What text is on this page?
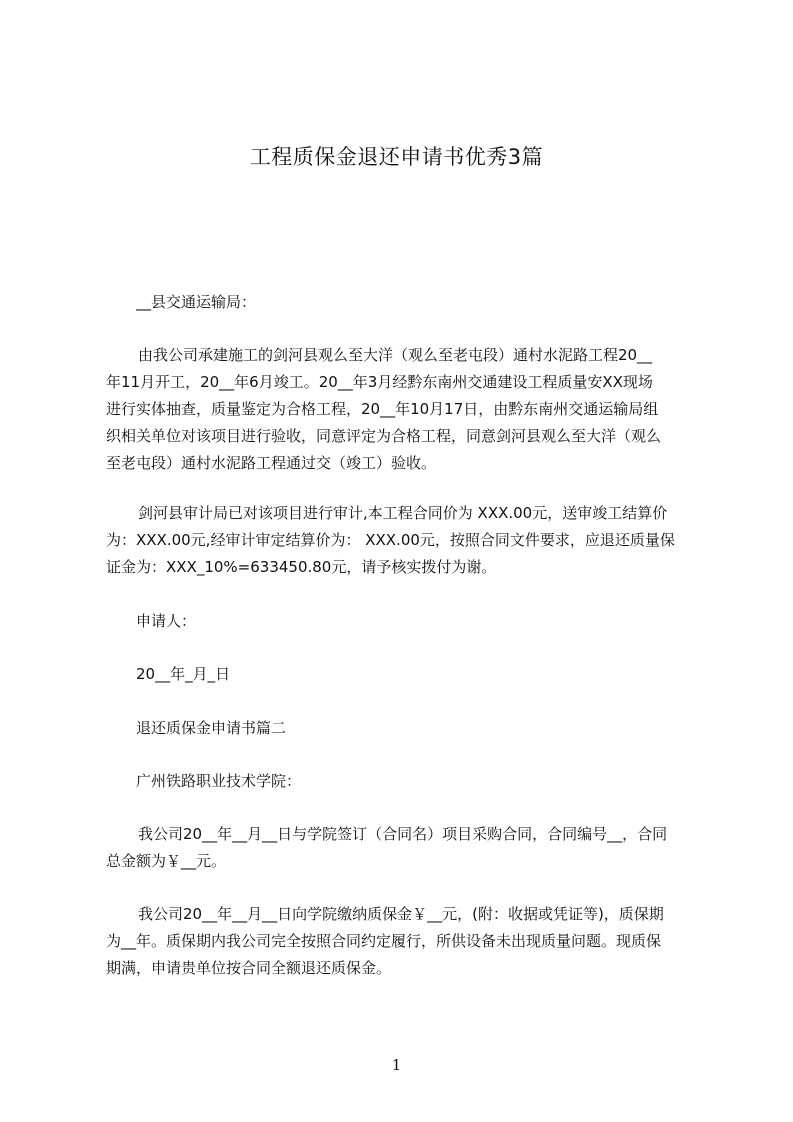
工程质保金退还申请书优秀3篇
__县交通运输局：
由我公司承建施工的剑河县观么至大洋（观么至老屯段）通村水泥路工程20__
年11月开工，20__年6月竣工。20__年3月经黔东南州交通建设工程质量安XX现场
进行实体抽查，质量鉴定为合格工程，20__年10月17日，由黔东南州交通运输局组
织相关单位对该项目进行验收，同意评定为合格工程，同意剑河县观么至大洋（观么
至老屯段）通村水泥路工程通过交（竣工）验收。
剑河县审计局已对该项目进行审计,本工程合同价为 XXX.00元，送审竣工结算价
为：XXX.00元,经审计审定结算价为： XXX.00元，按照合同文件要求，应退还质量保
证金为：XXX_10%=633450.80元，请予核实拨付为谢。
申请人：
20__年_月_日
退还质保金申请书篇二
广州铁路职业技术学院：
我公司20__年__月__日与学院签订（合同名）项目采购合同，合同编号__，合同
总金额为￥__元。
我公司20__年__月__日向学院缴纳质保金￥__元，(附：收据或凭证等)，质保期
为__年。质保期内我公司完全按照合同约定履行，所供设备未出现质量问题。现质保
期满，申请贵单位按合同全额退还质保金。
1
